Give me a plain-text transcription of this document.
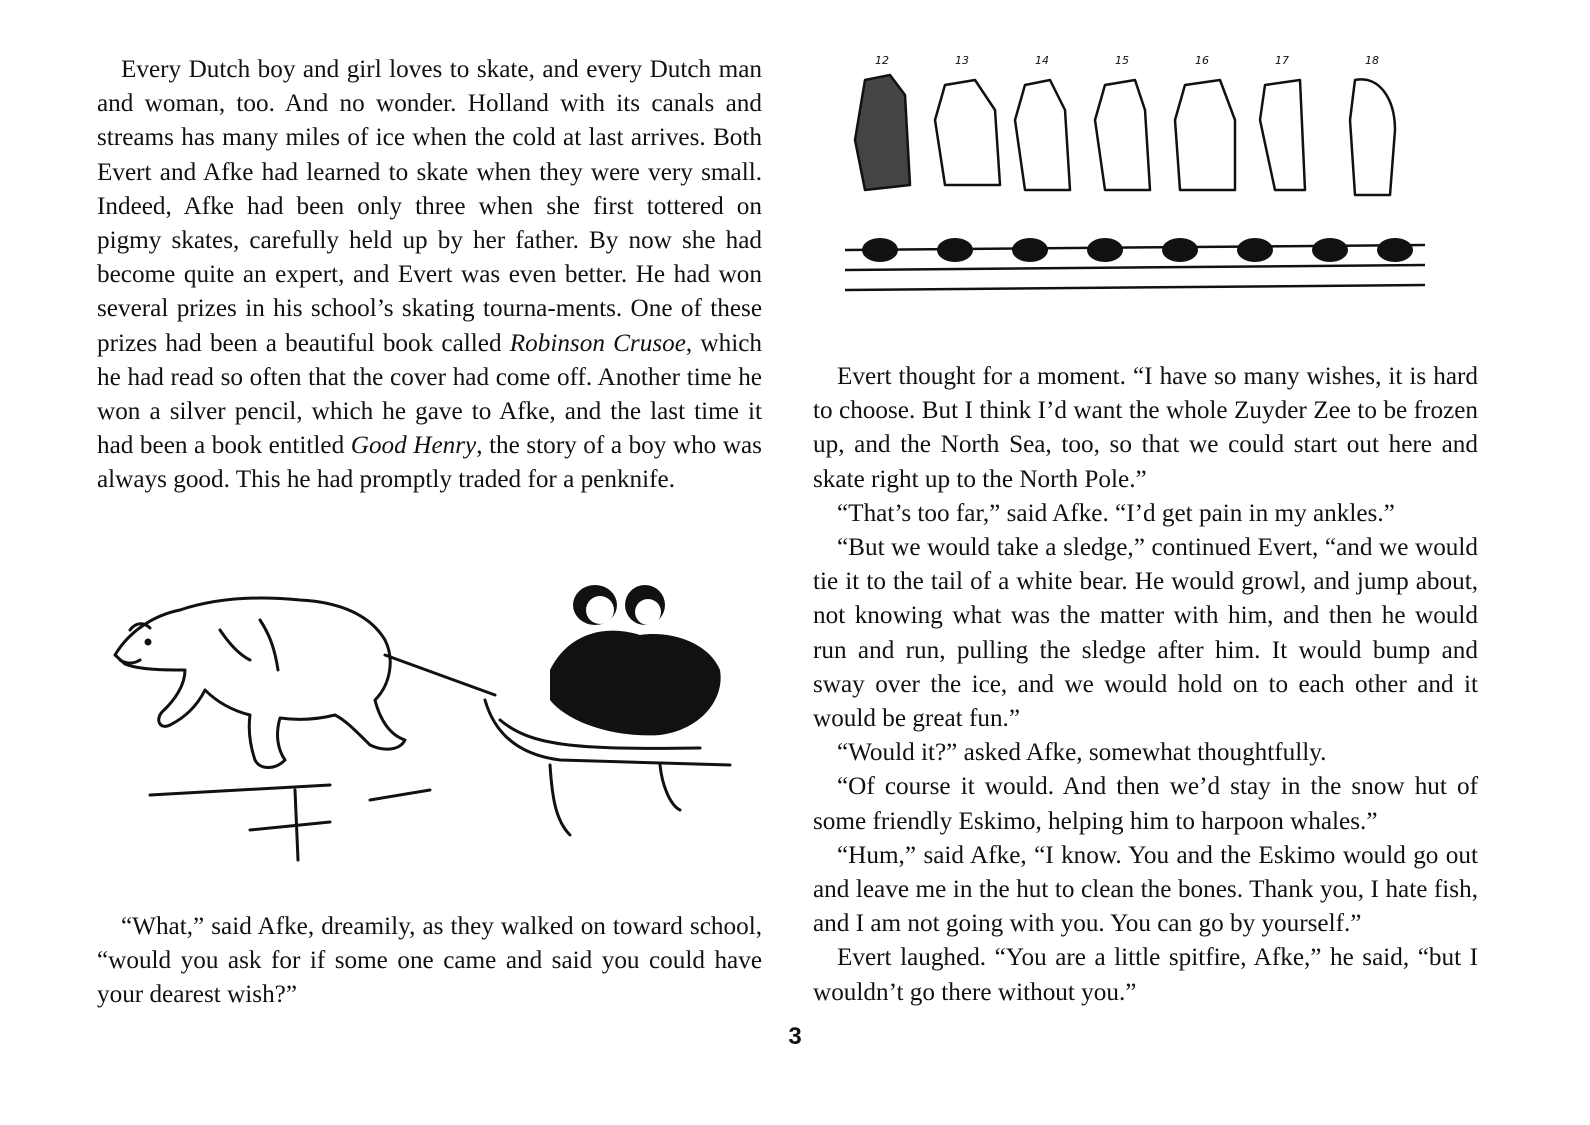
Every Dutch boy and girl loves to skate, and every Dutch man and woman, too. And no wonder. Holland with its canals and streams has many miles of ice when the cold at last arrives. Both Evert and Afke had learned to skate when they were very small. Indeed, Afke had been only three when she first tottered on pigmy skates, carefully held up by her father. By now she had become quite an expert, and Evert was even better. He had won several prizes in his school’s skating tourna-ments. One of these prizes had been a beautiful book called Robinson Crusoe, which he had read so often that the cover had come off. Another time he won a silver pencil, which he gave to Afke, and the last time it had been a book entitled Good Henry, the story of a boy who was always good. This he had promptly traded for a penknife.

“What,” said Afke, dreamily, as they walked on toward school, “would you ask for if some one came and said you could have your dearest wish?”

12	13	14	15	16	17	18

Evert thought for a moment. “I have so many wishes, it is hard to choose. But I think I’d want the whole Zuyder Zee to be frozen up, and the North Sea, too, so that we could start out here and skate right up to the North Pole.”

“That’s too far,” said Afke. “I’d get pain in my ankles.”

“But we would take a sledge,” continued Evert, “and we would tie it to the tail of a white bear. He would growl, and jump about, not knowing what was the matter with him, and then he would run and run, pulling the sledge after him. It would bump and sway over the ice, and we would hold on to each other and it would be great fun.”

“Would it?” asked Afke, somewhat thoughtfully.

“Of course it would. And then we’d stay in the snow hut of some friendly Eskimo, helping him to harpoon whales.”

“Hum,” said Afke, “I know. You and the Eskimo would go out and leave me in the hut to clean the bones. Thank you, I hate fish, and I am not going with you. You can go by yourself.”

Evert laughed. “You are a little spitfire, Afke,” he said, “but I wouldn’t go there without you.”

3
